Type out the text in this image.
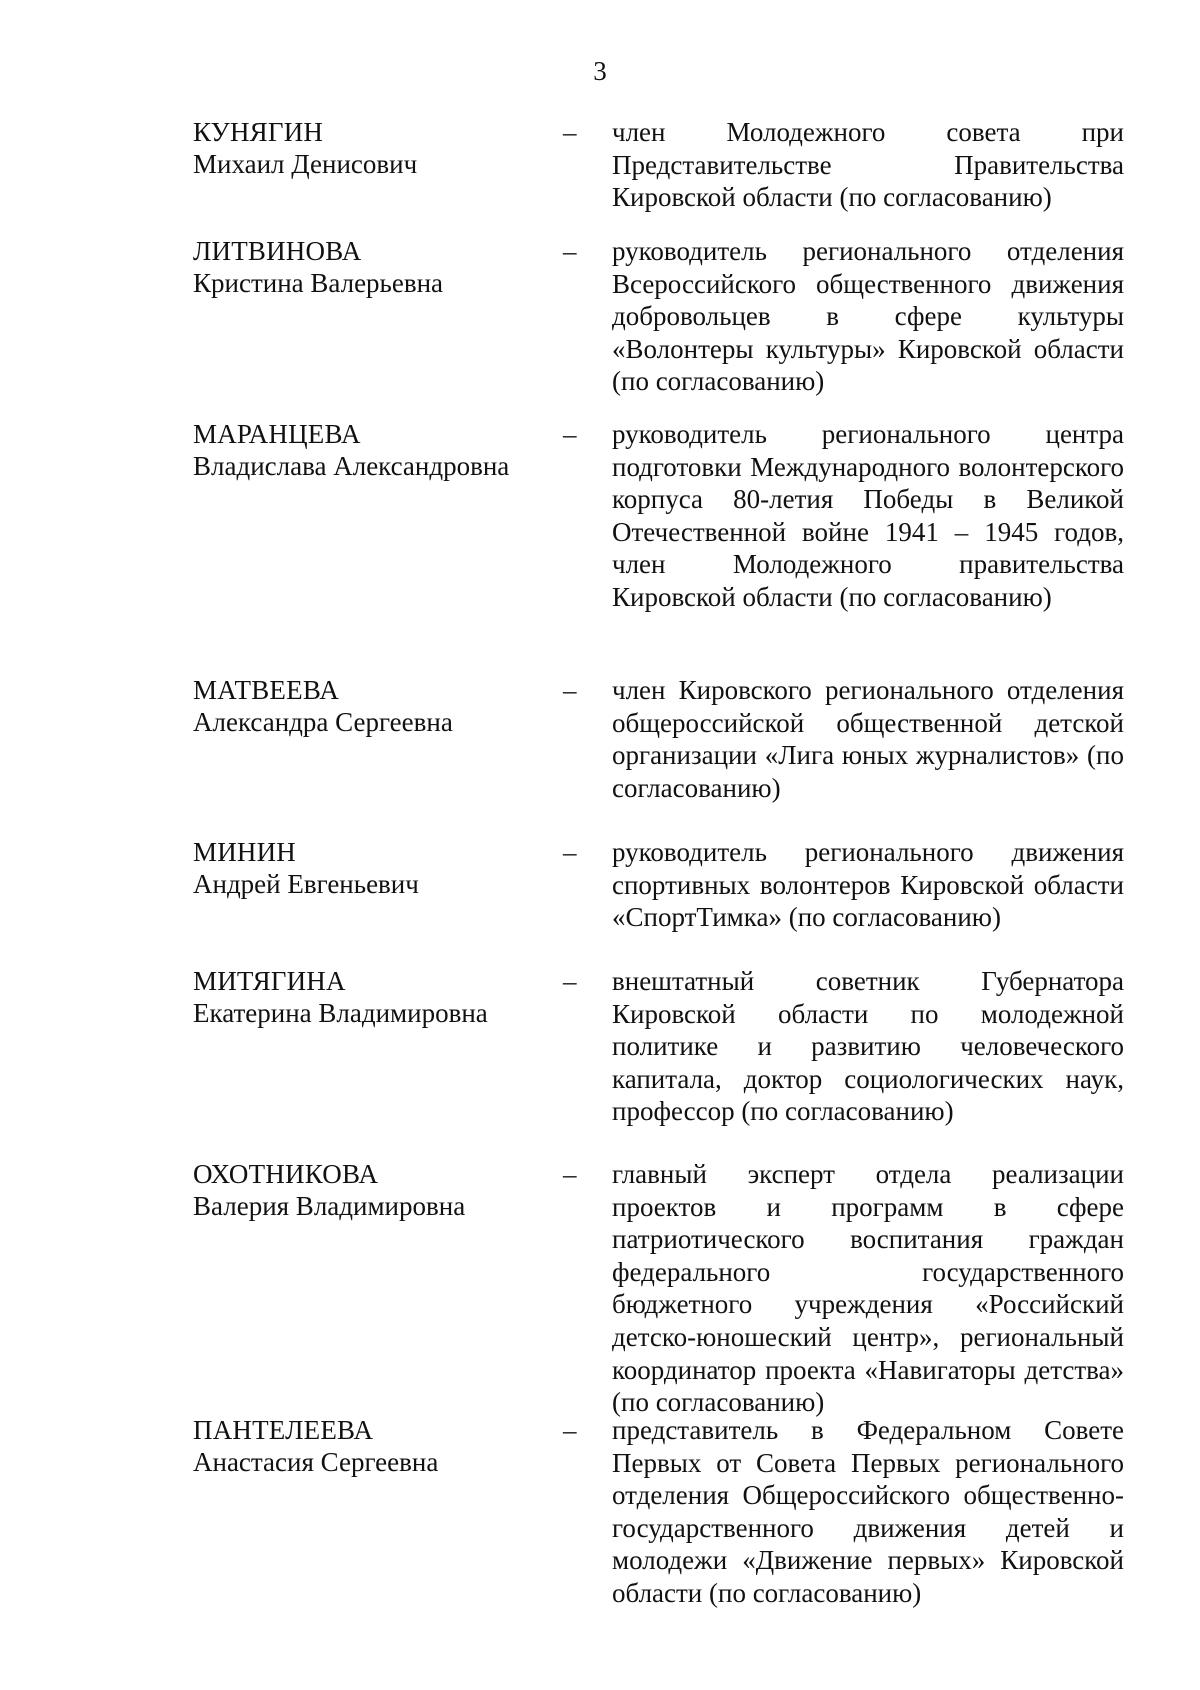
3
КУНЯГИН
Михаил Денисович
– член Молодежного совета при Представительстве Правительства Кировской области (по согласованию)
ЛИТВИНОВА
Кристина Валерьевна
– руководитель регионального отделения Всероссийского общественного движения добровольцев в сфере культуры «Волонтеры культуры» Кировской области (по согласованию)
МАРАНЦЕВА
Владислава Александровна
– руководитель регионального центра подготовки Международного волонтерского корпуса 80-летия Победы в Великой Отечественной войне 1941 – 1945 годов, член Молодежного правительства Кировской области (по согласованию)
МАТВЕЕВА
Александра Сергеевна
– член Кировского регионального отделения общероссийской общественной детской организации «Лига юных журналистов» (по согласованию)
МИНИН
Андрей Евгеньевич
– руководитель регионального движения спортивных волонтеров Кировской области «СпортТимка» (по согласованию)
МИТЯГИНА
Екатерина Владимировна
– внештатный советник Губернатора Кировской области по молодежной политике и развитию человеческого капитала, доктор социологических наук, профессор (по согласованию)
ОХОТНИКОВА
Валерия Владимировна
– главный эксперт отдела реализации проектов и программ в сфере патриотического воспитания граждан федерального государственного бюджетного учреждения «Российский детско-юношеский центр», региональный координатор проекта «Навигаторы детства» (по согласованию)
ПАНТЕЛЕЕВА
Анастасия Сергеевна
– представитель в Федеральном Совете Первых от Совета Первых регионального отделения Общероссийского общественно-государственного движения детей и молодежи «Движение первых» Кировской области (по согласованию)
